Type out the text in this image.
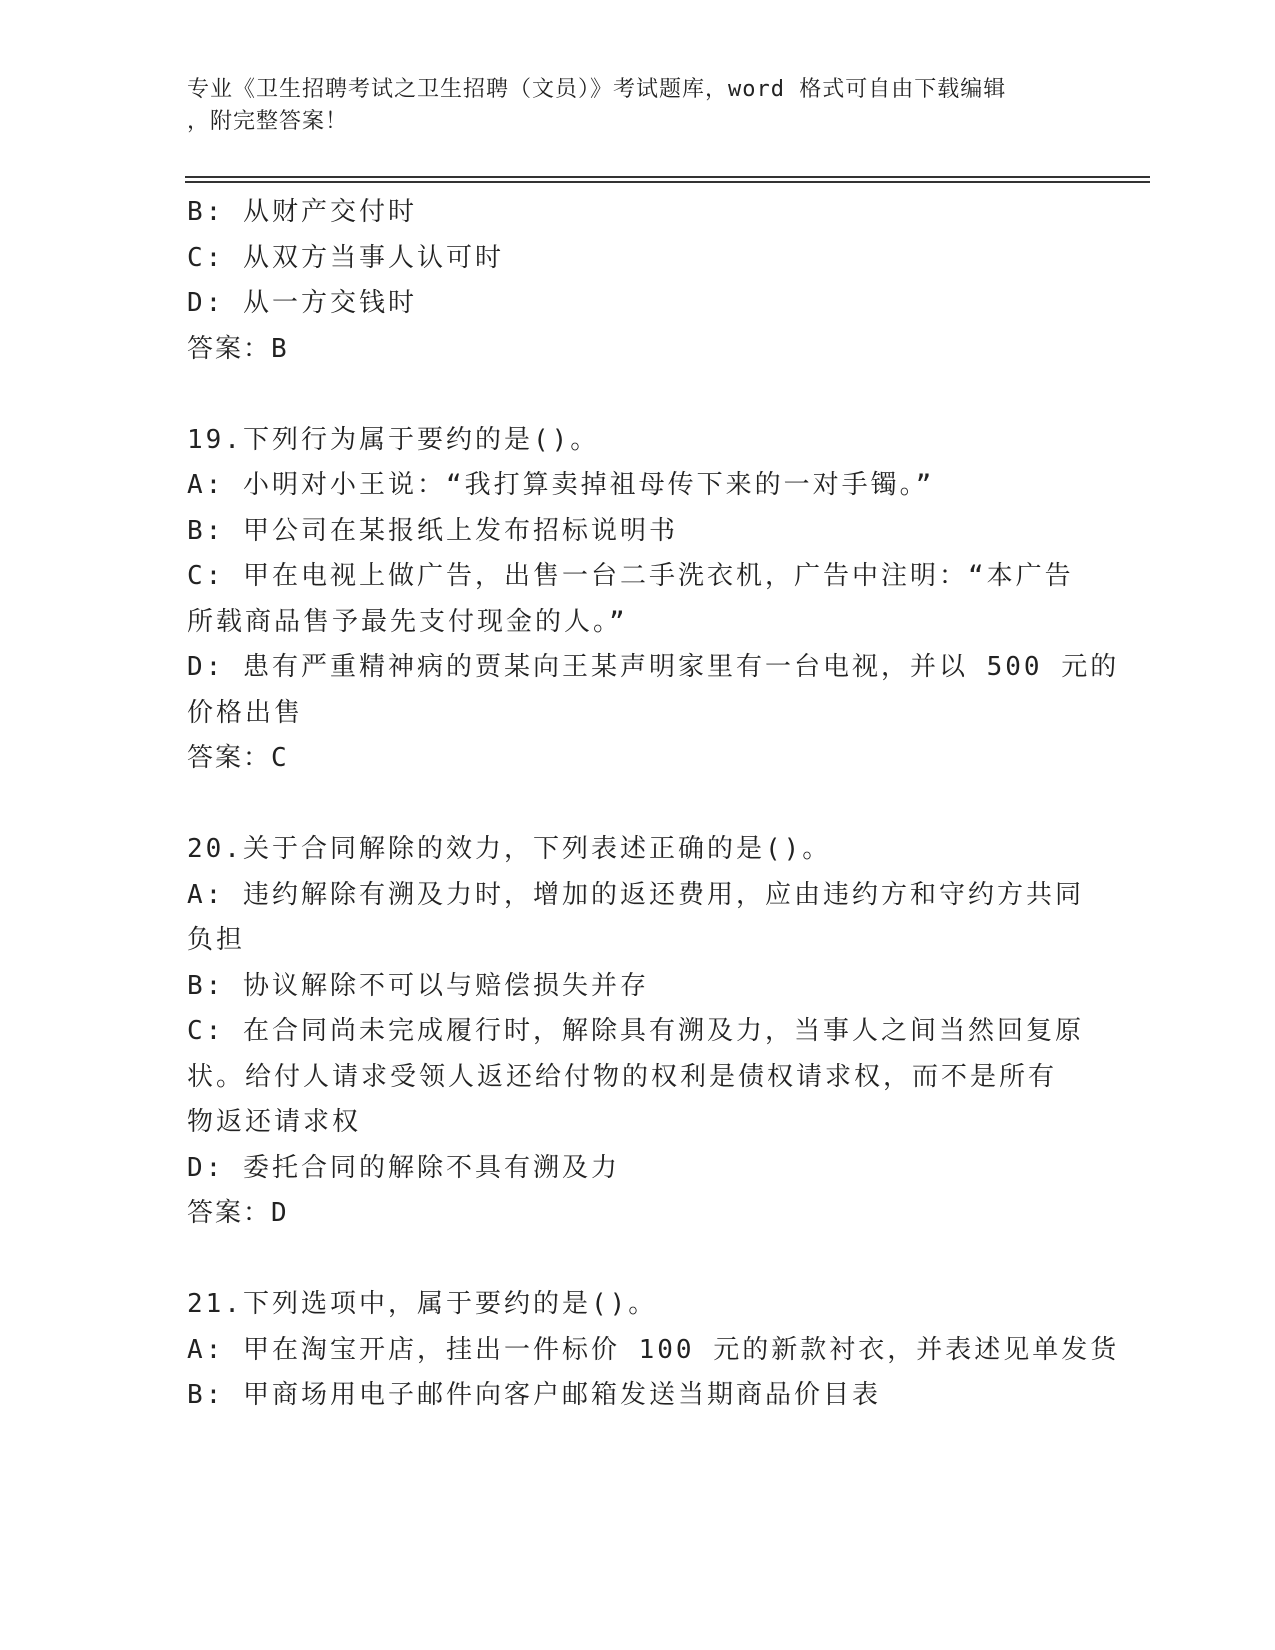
专业《卫生招聘考试之卫生招聘（文员）》考试题库，word 格式可自由下载编辑
，附完整答案！
B: 从财产交付时
C: 从双方当事人认可时
D: 从一方交钱时
答案：B
19.下列行为属于要约的是()。
A: 小明对小王说：“我打算卖掉祖母传下来的一对手镯。”
B: 甲公司在某报纸上发布招标说明书
C: 甲在电视上做广告，出售一台二手洗衣机，广告中注明：“本广告
所载商品售予最先支付现金的人。”
D: 患有严重精神病的贾某向王某声明家里有一台电视，并以 500 元的
价格出售
答案：C
20.关于合同解除的效力，下列表述正确的是()。
A: 违约解除有溯及力时，增加的返还费用，应由违约方和守约方共同
负担
B: 协议解除不可以与赔偿损失并存
C: 在合同尚未完成履行时，解除具有溯及力，当事人之间当然回复原
状。给付人请求受领人返还给付物的权利是债权请求权，而不是所有
物返还请求权
D: 委托合同的解除不具有溯及力
答案：D
21.下列选项中，属于要约的是()。
A: 甲在淘宝开店，挂出一件标价 100 元的新款衬衣，并表述见单发货
B: 甲商场用电子邮件向客户邮箱发送当期商品价目表
